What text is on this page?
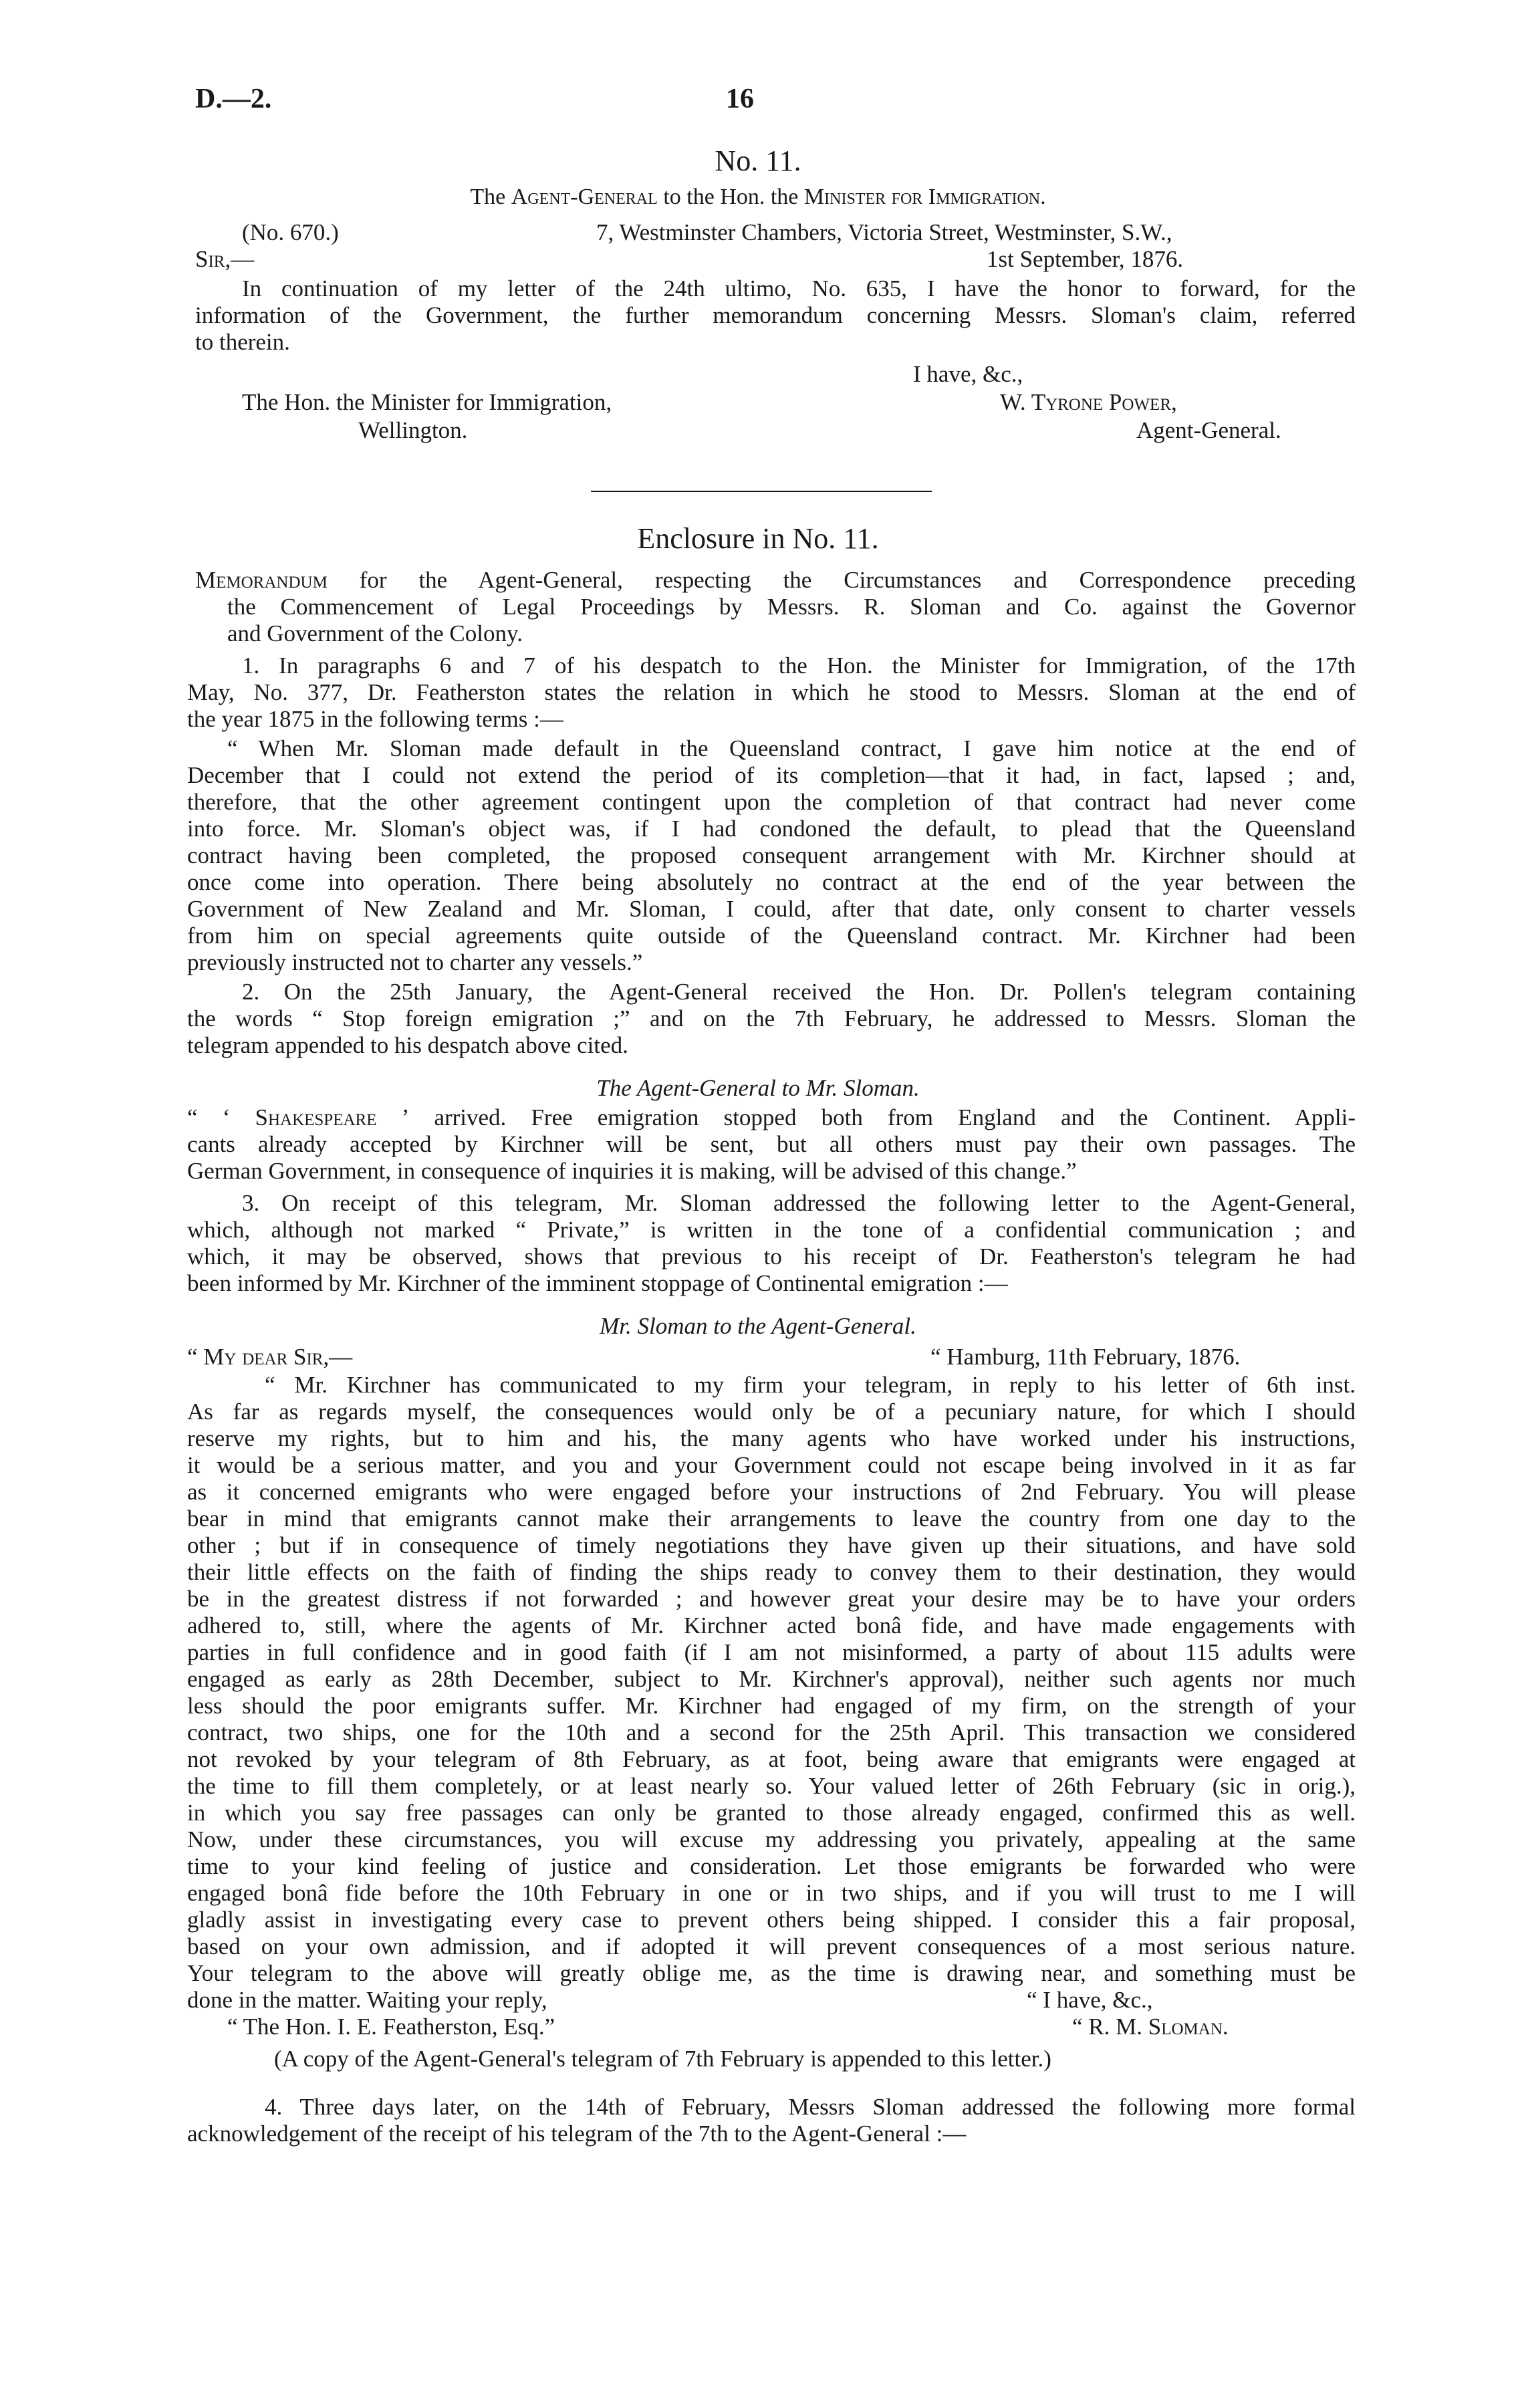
D.—2.	16
No. 11.
The Agent-General to the Hon. the Minister for Immigration.
(No. 670.)	7, Westminster Chambers, Victoria Street, Westminster, S.W.,
Sir,—	1st September, 1876.
In continuation of my letter of the 24th ultimo, No. 635, I have the honor to forward, for the
information of the Government, the further memorandum concerning Messrs. Sloman's claim, referred
to therein.
I have, &c.,
The Hon. the Minister for Immigration,	W. Tyrone Power,
Wellington.	Agent-General.
Enclosure in No. 11.
Memorandum for the Agent-General, respecting the Circumstances and Correspondence preceding
the Commencement of Legal Proceedings by Messrs. R. Sloman and Co. against the Governor
and Government of the Colony.
1. In paragraphs 6 and 7 of his despatch to the Hon. the Minister for Immigration, of the 17th
May, No. 377, Dr. Featherston states the relation in which he stood to Messrs. Sloman at the end of
the year 1875 in the following terms :—
“ When Mr. Sloman made default in the Queensland contract, I gave him notice at the end of
December that I could not extend the period of its completion—that it had, in fact, lapsed ; and,
therefore, that the other agreement contingent upon the completion of that contract had never come
into force. Mr. Sloman's object was, if I had condoned the default, to plead that the Queensland
contract having been completed, the proposed consequent arrangement with Mr. Kirchner should at
once come into operation. There being absolutely no contract at the end of the year between the
Government of New Zealand and Mr. Sloman, I could, after that date, only consent to charter vessels
from him on special agreements quite outside of the Queensland contract. Mr. Kirchner had been
previously instructed not to charter any vessels.”
2. On the 25th January, the Agent-General received the Hon. Dr. Pollen's telegram containing
the words “ Stop foreign emigration ;” and on the 7th February, he addressed to Messrs. Sloman the
telegram appended to his despatch above cited.
The Agent-General to Mr. Sloman.
“ ‘ Shakespeare ’ arrived. Free emigration stopped both from England and the Continent. Appli-
cants already accepted by Kirchner will be sent, but all others must pay their own passages. The
German Government, in consequence of inquiries it is making, will be advised of this change.”
3. On receipt of this telegram, Mr. Sloman addressed the following letter to the Agent-General,
which, although not marked “ Private,” is written in the tone of a confidential communication ; and
which, it may be observed, shows that previous to his receipt of Dr. Featherston's telegram he had
been informed by Mr. Kirchner of the imminent stoppage of Continental emigration :—
Mr. Sloman to the Agent-General.
“ My dear Sir,—	“ Hamburg, 11th February, 1876.
“ Mr. Kirchner has communicated to my firm your telegram, in reply to his letter of 6th inst.
As far as regards myself, the consequences would only be of a pecuniary nature, for which I should
reserve my rights, but to him and his, the many agents who have worked under his instructions,
it would be a serious matter, and you and your Government could not escape being involved in it as far
as it concerned emigrants who were engaged before your instructions of 2nd February. You will please
bear in mind that emigrants cannot make their arrangements to leave the country from one day to the
other ; but if in consequence of timely negotiations they have given up their situations, and have sold
their little effects on the faith of finding the ships ready to convey them to their destination, they would
be in the greatest distress if not forwarded ; and however great your desire may be to have your orders
adhered to, still, where the agents of Mr. Kirchner acted bonâ fide, and have made engagements with
parties in full confidence and in good faith (if I am not misinformed, a party of about 115 adults were
engaged as early as 28th December, subject to Mr. Kirchner's approval), neither such agents nor much
less should the poor emigrants suffer. Mr. Kirchner had engaged of my firm, on the strength of your
contract, two ships, one for the 10th and a second for the 25th April. This transaction we considered
not revoked by your telegram of 8th February, as at foot, being aware that emigrants were engaged at
the time to fill them completely, or at least nearly so. Your valued letter of 26th February (sic in orig.),
in which you say free passages can only be granted to those already engaged, confirmed this as well.
Now, under these circumstances, you will excuse my addressing you privately, appealing at the same
time to your kind feeling of justice and consideration. Let those emigrants be forwarded who were
engaged bonâ fide before the 10th February in one or in two ships, and if you will trust to me I will
gladly assist in investigating every case to prevent others being shipped. I consider this a fair proposal,
based on your own admission, and if adopted it will prevent consequences of a most serious nature.
Your telegram to the above will greatly oblige me, as the time is drawing near, and something must be
done in the matter. Waiting your reply,	“ I have, &c.,
“ The Hon. I. E. Featherston, Esq.”	“ R. M. Sloman.
(A copy of the Agent-General's telegram of 7th February is appended to this letter.)
4. Three days later, on the 14th of February, Messrs Sloman addressed the following more formal
acknowledgement of the receipt of his telegram of the 7th to the Agent-General :—
